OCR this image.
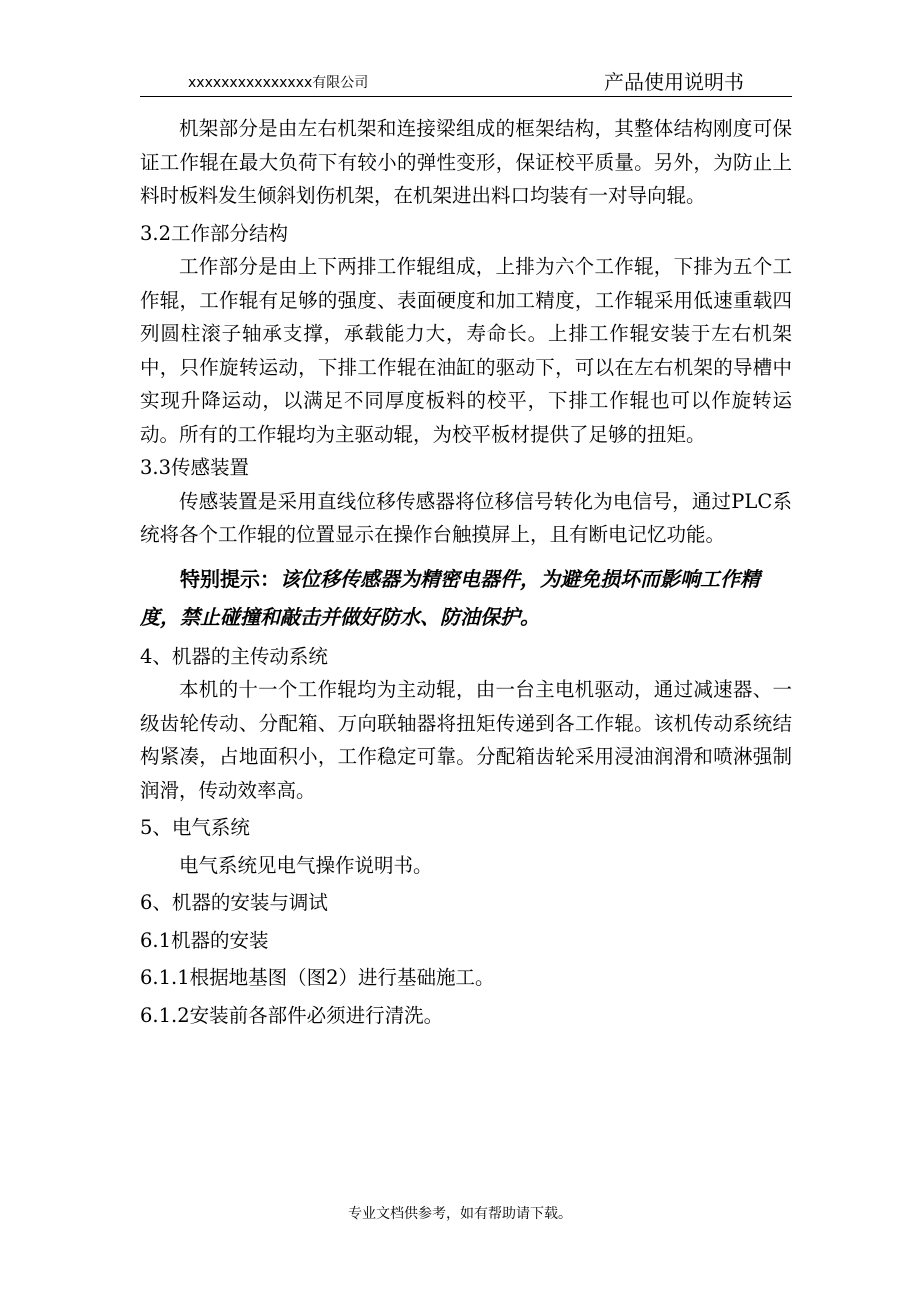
xxxxxxxxxxxxxxx有限公司	产品使用说明书

机架部分是由左右机架和连接梁组成的框架结构，其整体结构刚度可保证工作辊在最大负荷下有较小的弹性变形，保证校平质量。另外，为防止上料时板料发生倾斜划伤机架，在机架进出料口均装有一对导向辊。

3.2工作部分结构

工作部分是由上下两排工作辊组成，上排为六个工作辊，下排为五个工作辊，工作辊有足够的强度、表面硬度和加工精度，工作辊采用低速重载四列圆柱滚子轴承支撑，承载能力大，寿命长。上排工作辊安装于左右机架中，只作旋转运动，下排工作辊在油缸的驱动下，可以在左右机架的导槽中实现升降运动，以满足不同厚度板料的校平，下排工作辊也可以作旋转运动。所有的工作辊均为主驱动辊，为校平板材提供了足够的扭矩。

3.3传感装置

传感装置是采用直线位移传感器将位移信号转化为电信号，通过PLC系统将各个工作辊的位置显示在操作台触摸屏上，且有断电记忆功能。

特别提示：该位移传感器为精密电器件，为避免损坏而影响工作精度，禁止碰撞和敲击并做好防水、防油保护。

4、机器的主传动系统

本机的十一个工作辊均为主动辊，由一台主电机驱动，通过减速器、一级齿轮传动、分配箱、万向联轴器将扭矩传递到各工作辊。该机传动系统结构紧凑，占地面积小，工作稳定可靠。分配箱齿轮采用浸油润滑和喷淋强制润滑，传动效率高。

5、电气系统

电气系统见电气操作说明书。

6、机器的安装与调试

6.1机器的安装

6.1.1根据地基图（图2）进行基础施工。

6.1.2安装前各部件必须进行清洗。

专业文档供参考，如有帮助请下载。
